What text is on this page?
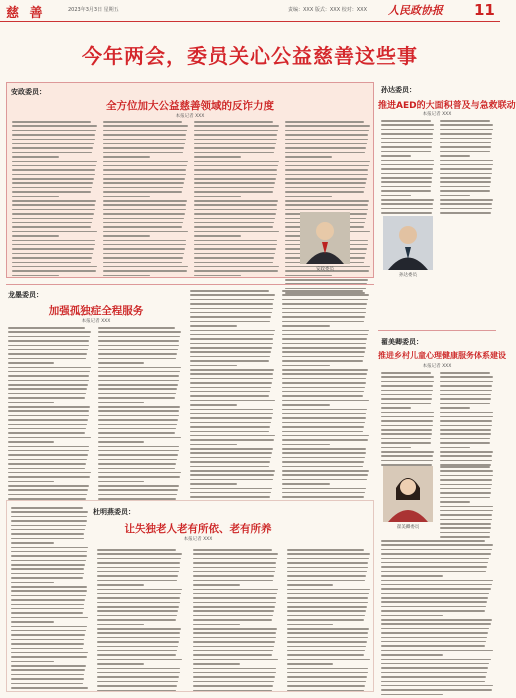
慈 善	2023年3月3日 星期五	责编：XXX 版式：XXX 校对：XXX 人民政协报 11
今年两会，委员关心公益慈善这些事
安政委员：
全方位加大公益慈善领域的反诈力度
本报记者 XXX
安政委员
孙达委员：
推进AED的大面积普及与急救联动
本报记者 XXX
孙达委员
翟美卿委员：
推进乡村儿童心理健康服务体系建设
本报记者 XXX
翟美卿委员
龙墨委员：
加强孤独症全程服务
本报记者 XXX
杜明燕委员：
让失独老人老有所依、老有所养
本报记者 XXX
